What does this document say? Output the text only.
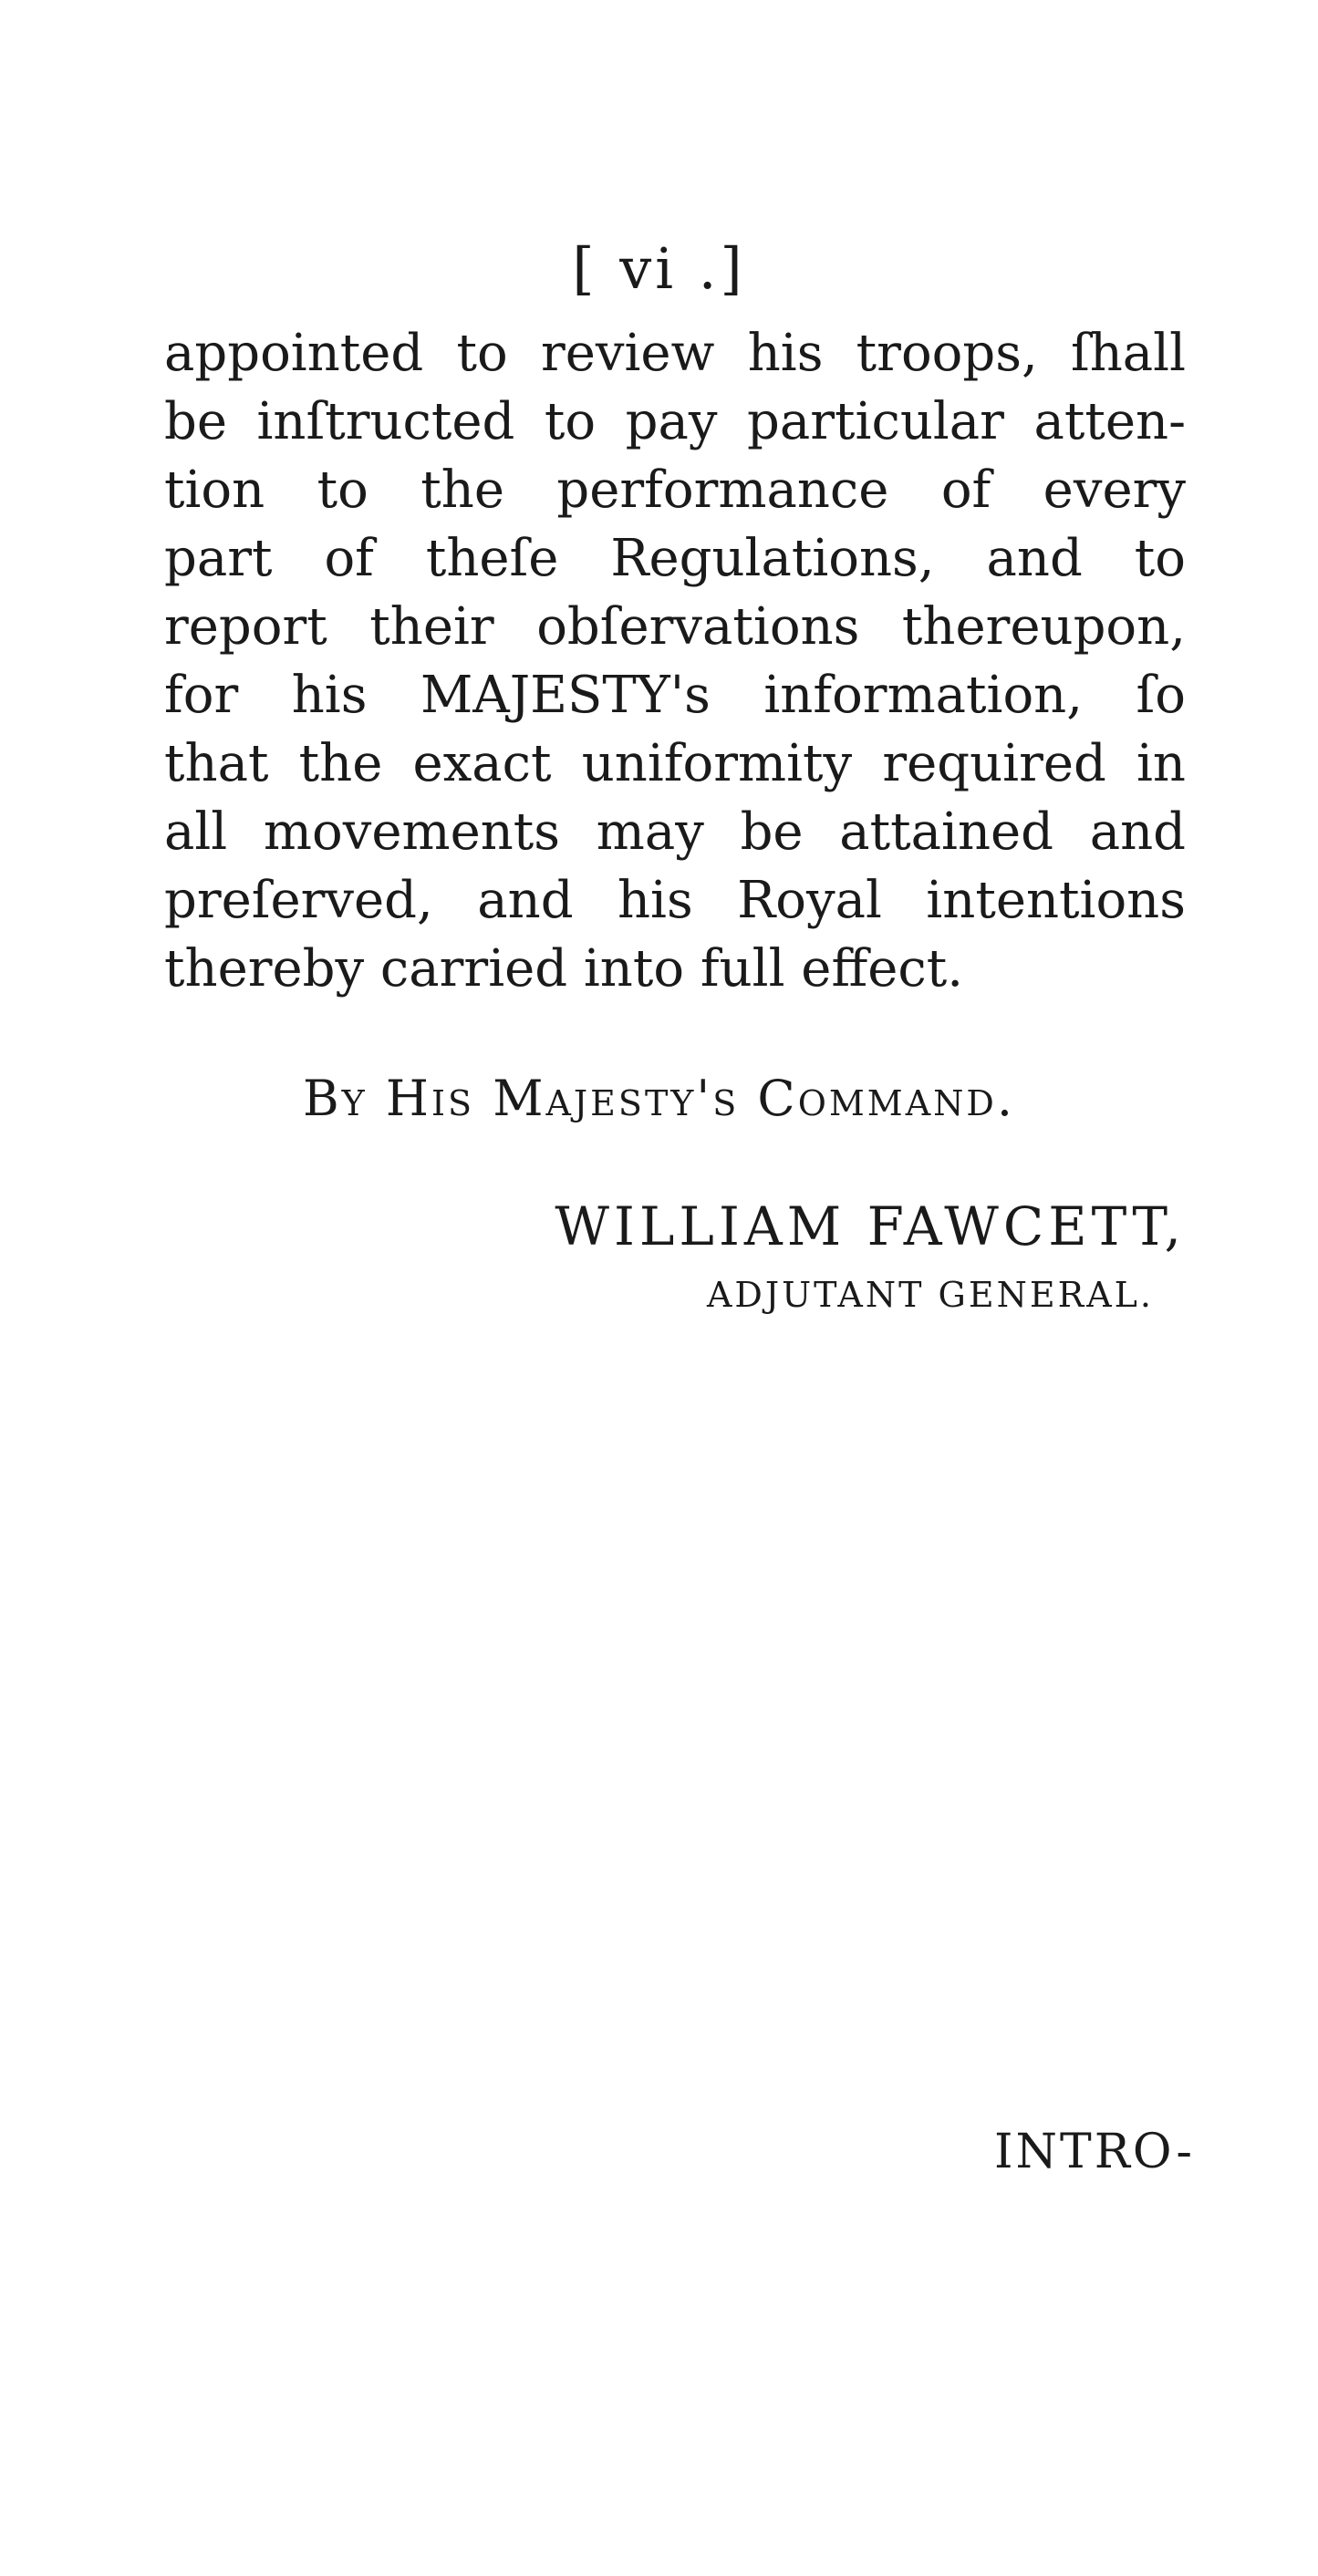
[ vi .]
appointed to review his troops, ſhall
be inſtructed to pay particular atten-
tion to the performance of every
part of theſe Regulations, and to
report their obſervations thereupon,
for his MAJESTY's information, ſo
that the exact uniformity required in
all movements may be attained and
preſerved, and his Royal intentions
thereby carried into full effect.
By His Majesty's Command.
WILLIAM FAWCETT,
ADJUTANT GENERAL.
INTRO-
